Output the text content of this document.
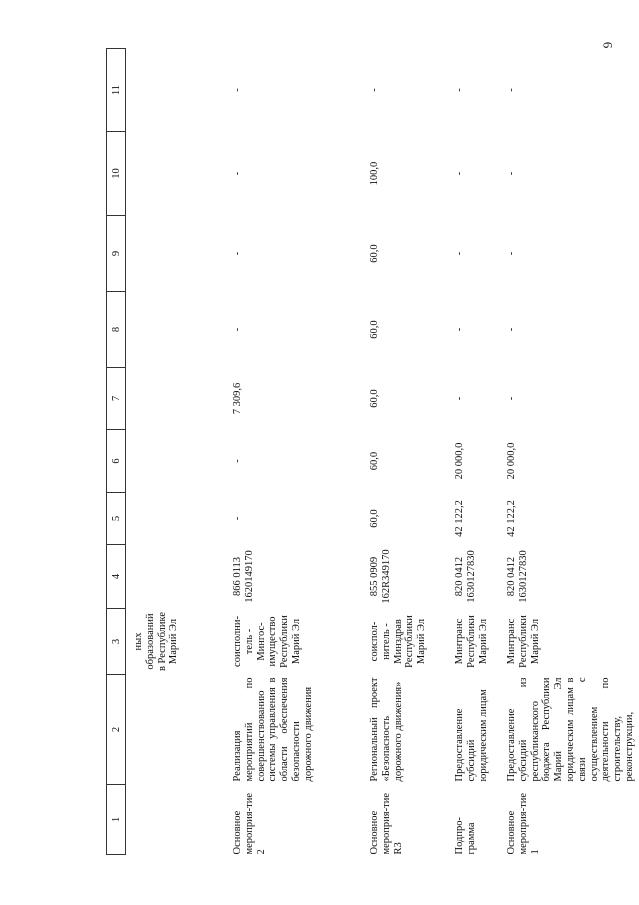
6
1	2	3	4	5	6	7	8	9	10	11

		ных образований в Республике Марий Эл								
Основное мероприя-тие 2	Реализация мероприятий по совершенствованию системы управления в области обеспечения безопасности дорожного движения	соисполни-тель - Мингос-имущество Республики Марий Эл	866 0113 1620149170	-	-	7 309,6	-	-	-	-
Основное мероприя-тие R3	Региональный проект «Безопасность дорожного движения»	соиспол-нитель - Минздрав Республики Марий Эл	855 0909 162R349170	60,0	60,0	60,0	60,0	60,0	100,0	-
Подпро-грамма	Предоставление субсидий юридическим лицам	Минтранс Республики Марий Эл	820 0412 1630127830	42 122,2	20 000,0	-	-	-	-	-
Основное мероприя-тие 1	Предоставление субсидий из республиканского бюджета Республики Марий Эл юридическим лицам в связи с осуществлением деятельности по строительству, реконструкции,	Минтранс Республики Марий Эл	820 0412 1630127830	42 122,2	20 000,0	-	-	-	-	-
